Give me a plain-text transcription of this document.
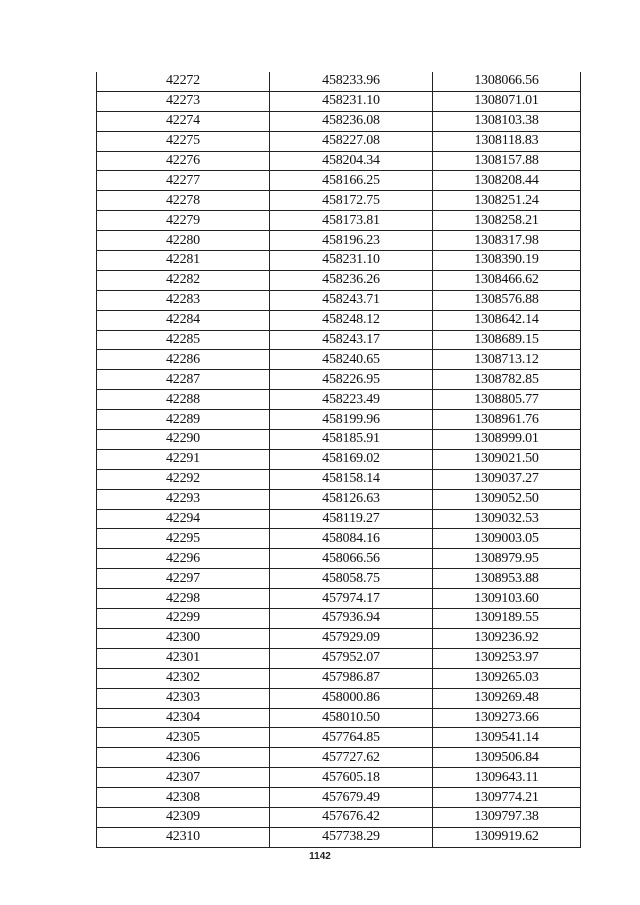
42272	458233.96	1308066.56
42273	458231.10	1308071.01
42274	458236.08	1308103.38
42275	458227.08	1308118.83
42276	458204.34	1308157.88
42277	458166.25	1308208.44
42278	458172.75	1308251.24
42279	458173.81	1308258.21
42280	458196.23	1308317.98
42281	458231.10	1308390.19
42282	458236.26	1308466.62
42283	458243.71	1308576.88
42284	458248.12	1308642.14
42285	458243.17	1308689.15
42286	458240.65	1308713.12
42287	458226.95	1308782.85
42288	458223.49	1308805.77
42289	458199.96	1308961.76
42290	458185.91	1308999.01
42291	458169.02	1309021.50
42292	458158.14	1309037.27
42293	458126.63	1309052.50
42294	458119.27	1309032.53
42295	458084.16	1309003.05
42296	458066.56	1308979.95
42297	458058.75	1308953.88
42298	457974.17	1309103.60
42299	457936.94	1309189.55
42300	457929.09	1309236.92
42301	457952.07	1309253.97
42302	457986.87	1309265.03
42303	458000.86	1309269.48
42304	458010.50	1309273.66
42305	457764.85	1309541.14
42306	457727.62	1309506.84
42307	457605.18	1309643.11
42308	457679.49	1309774.21
42309	457676.42	1309797.38
42310	457738.29	1309919.62
1142
